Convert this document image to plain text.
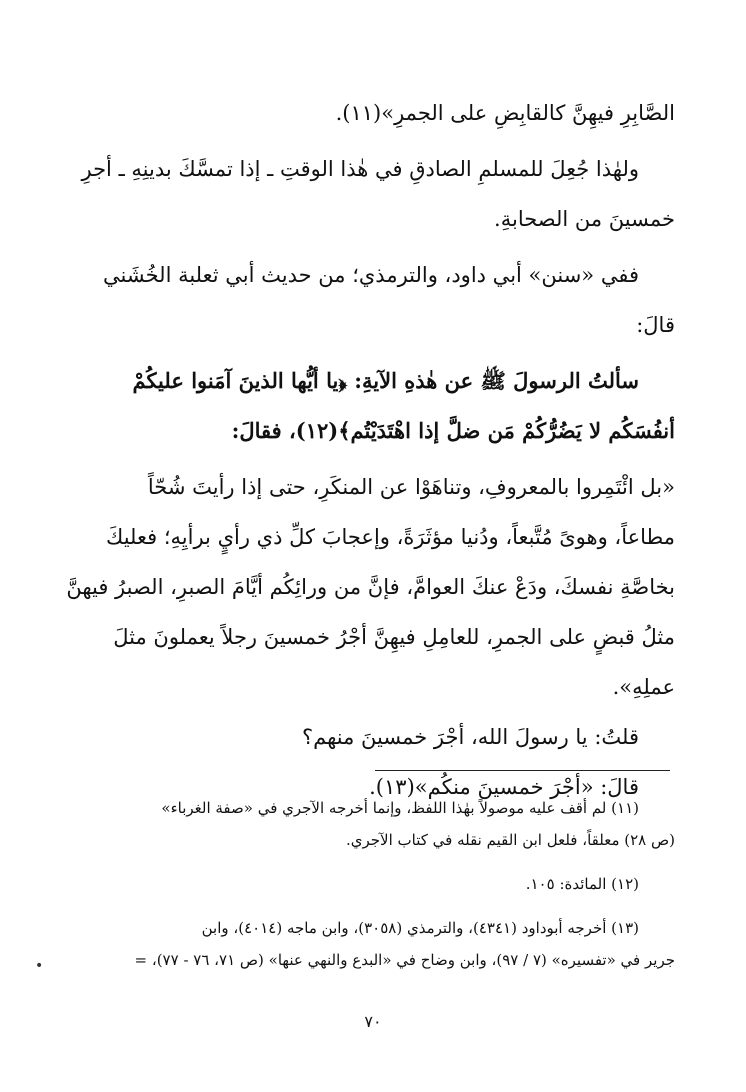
الصَّابِرِ فيهِنَّ كالقابِضِ على الجمرِ»(١١).

ولهٰذا جُعِلَ للمسلمِ الصادقِ في هٰذا الوقتِ ـ إذا تمسَّكَ بدينِهِ ـ أجرِ

خمسينَ من الصحابةِ.

ففي «سنن» أبي داود، والترمذي؛ من حديث أبي ثعلبة الخُشَني

قالَ:

سألتُ الرسولَ ﷺ عن هٰذهِ الآيةِ: ﴿يا أيُّها الذينَ آمَنوا عليكُمْ

أنفُسَكُم لا يَضُرُّكُمْ مَن ضلَّ إذا اهْتَدَيْتُم﴾(١٢)، فقالَ:

«بل ائْتَمِروا بالمعروفِ، وتناهَوْا عن المنكَرِ، حتى إذا رأيتَ شُحّاً

مطاعاً، وهوىً مُتَّبعاً، ودُنيا مؤثَرَةً، وإعجابَ كلِّ ذي رأيٍ برأيِهِ؛ فعليكَ

بخاصَّةِ نفسكَ، ودَعْ عنكَ العوامَّ، فإنَّ من ورائِكُم أيَّامَ الصبرِ، الصبرُ فيهنَّ

مثلُ قبضٍ على الجمرِ، للعامِلِ فيهِنَّ أجْرُ خمسينَ رجلاً يعملونَ مثلَ

عملِهِ».

قلتُ: يا رسولَ الله، أجْرَ خمسينَ منهم؟

قالَ: «أجْرَ خمسينَ منكُم»(١٣).

(١١) لم أقف عليه موصولاً بهٰذا اللفظ، وإنما أخرجه الآجري في «صفة الغرباء»

(ص ٢٨) معلقاً، فلعل ابن القيم نقله في كتاب الآجري.

(١٢) المائدة: ١٠٥.

(١٣) أخرجه أبوداود (٤٣٤١)، والترمذي (٣٠٥٨)، وابن ماجه (٤٠١٤)، وابن

جرير في «تفسيره» (٧ / ٩٧)، وابن وضاح في «البدع والنهي عنها» (ص ٧١، ٧٦ - ٧٧)، =

٧٠
•
